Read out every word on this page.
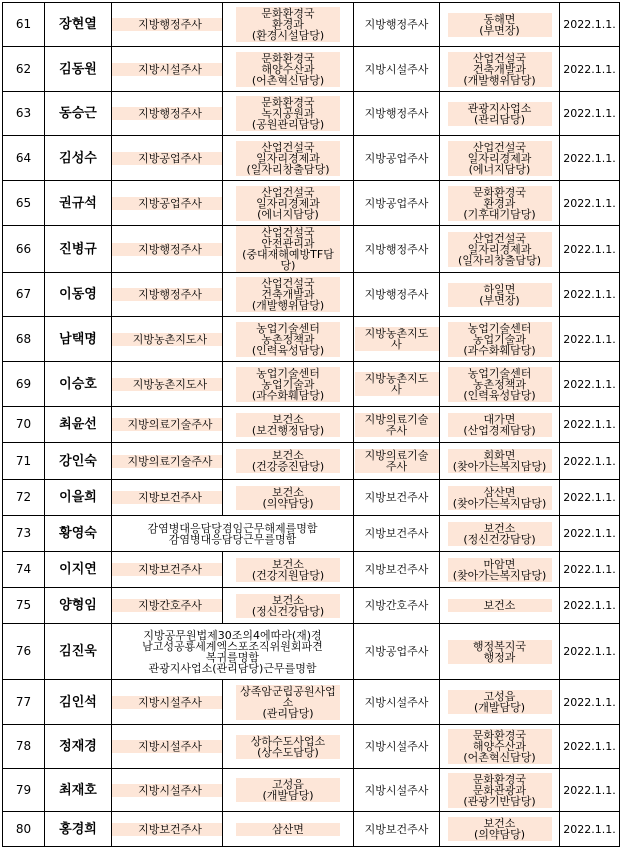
61	장현열	지방행정주사	문화환경국
환경과
(환경시설담당)	지방행정주사	동해면
(부면장)	2022.1.1.
62	김동원	지방시설주사	문화환경국
해양수산과
(어촌혁신담당)	지방시설주사	산업건설국
건축개발과
(개발행위담당)	2022.1.1.
63	동승근	지방행정주사	문화환경국
녹지공원과
(공원관리담당)	지방행정주사	관광지사업소
(관리담당)	2022.1.1.
64	김성수	지방공업주사	산업건설국
일자리경제과
(일자리창출담당)	지방공업주사	산업건설국
일자리경제과
(에너지담당)	2022.1.1.
65	권규석	지방공업주사	산업건설국
일자리경제과
(에너지담당)	지방공업주사	문화환경국
환경과
(기후대기담당)	2022.1.1.
66	진병규	지방행정주사	산업건설국
안전관리과
(중대재해예방TF담당)	지방행정주사	산업건설국
일자리경제과
(일자리창출담당)	2022.1.1.
67	이동영	지방행정주사	산업건설국
건축개발과
(개발행위담당)	지방행정주사	하일면
(부면장)	2022.1.1.
68	남택명	지방농촌지도사	농업기술센터
농촌정책과
(인력육성담당)	지방농촌지도
사	농업기술센터
농업기술과
(과수화훼담당)	2022.1.1.
69	이승호	지방농촌지도사	농업기술센터
농업기술과
(과수화훼담당)	지방농촌지도
사	농업기술센터
농촌정책과
(인력육성담당)	2022.1.1.
70	최윤선	지방의료기술주사	보건소
(보건행정담당)	지방의료기술
주사	대가면
(산업경제담당)	2022.1.1.
71	강인숙	지방의료기술주사	보건소
(건강증진담당)	지방의료기술
주사	회화면
(찾아가는복지담당)	2022.1.1.
72	이을희	지방보건주사	보건소
(의약담당)	지방보건주사	삼산면
(찾아가는복지담당)	2022.1.1.
73	황영숙	감염병대응담당겸임근무해제를명함
감염병대응담당근무를명함		지방보건주사	보건소
(정신건강담당)	2022.1.1.
74	이지연	지방보건주사	보건소
(건강지원담당)	지방보건주사	마암면
(찾아가는복지담당)	2022.1.1.
75	양형임	지방간호주사	보건소
(정신건강담당)	지방간호주사	보건소	2022.1.1.
76	김진욱	지방공무원법제30조의4에따라(재)경
남고성공룡세계엑스포조직위원회파견
복귀를명함
관광지사업소(관리담당)근무를명함		지방공업주사	행정복지국
행정과	2022.1.1.
77	김인석	지방시설주사	상족암군립공원사업
소
(관리담당)	지방시설주사	고성읍
(개발담당)	2022.1.1.
78	정재경	지방시설주사	상하수도사업소
(상수도담당)	지방시설주사	문화환경국
해양수산과
(어촌혁신담당)	2022.1.1.
79	최재호	지방시설주사	고성읍
(개발담당)	지방시설주사	문화환경국
문화관광과
(관광기반담당)	2022.1.1.
80	홍경희	지방보건주사	삼산면	지방보건주사	보건소
(의약담당)	2022.1.1.
